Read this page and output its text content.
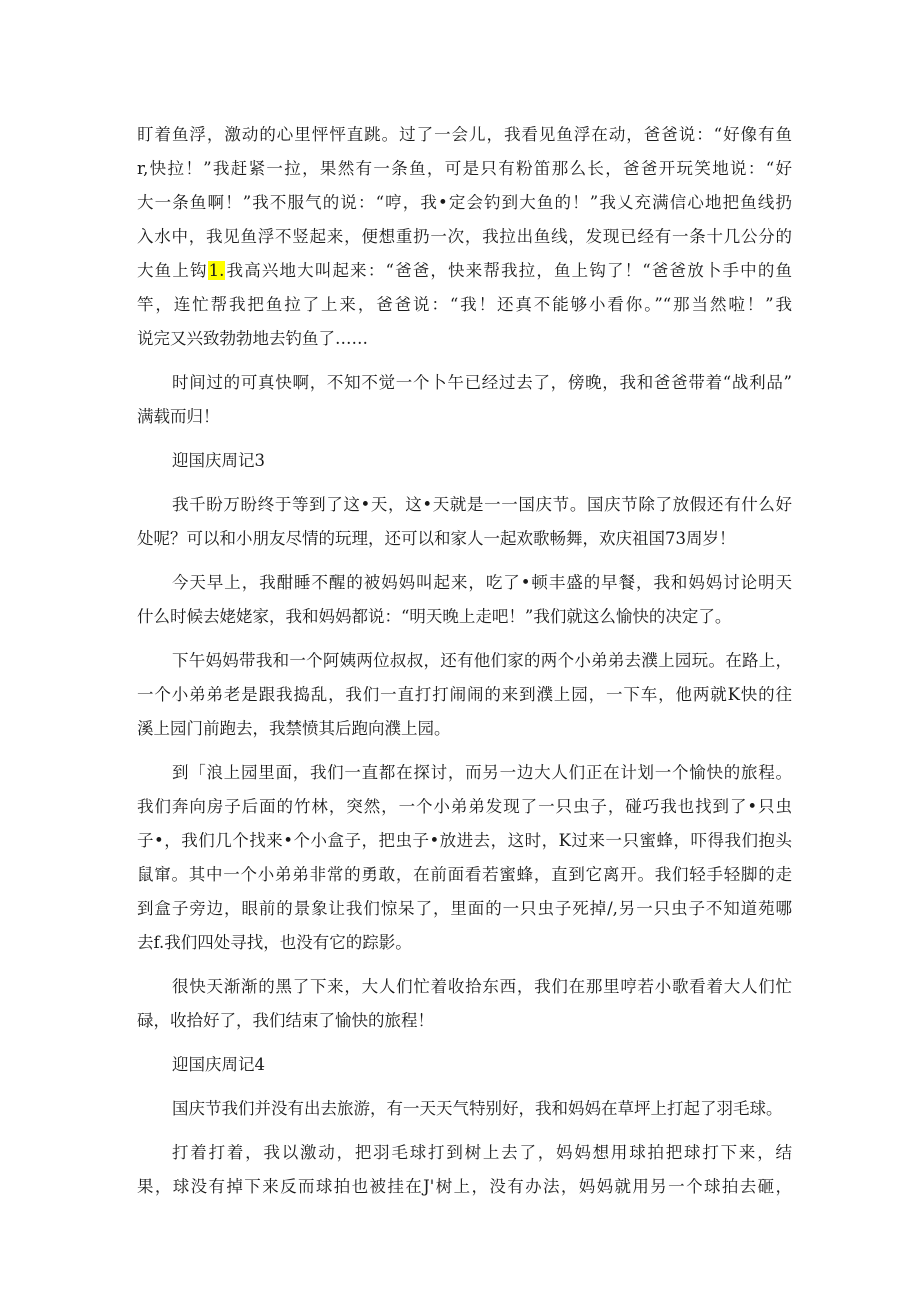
盯着鱼浮，激动的心里怦怦直跳。过了一会儿，我看见鱼浮在动，爸爸说：“好像有鱼
r,快拉！”我赶紧一拉，果然有一条鱼，可是只有粉笛那么长，爸爸开玩笑地说：“好
大一条鱼啊！”我不服气的说：“哼，我•定会钓到大鱼的！”我乂充满信心地把鱼线扔
入水中，我见鱼浮不竖起来，便想重扔一次，我拉出鱼线，发现已经有一条十几公分的
大鱼上钩1.我高兴地大叫起来：“爸爸，快来帮我拉，鱼上钩了！“爸爸放卜手中的鱼
竿，连忙帮我把鱼拉了上来，爸爸说：“我！还真不能够小看你。”“那当然啦！”我
说完又兴致勃勃地去钓鱼了……
时间过的可真快啊，不知不觉一个卜午已经过去了，傍晚，我和爸爸带着“战利品”
满载而归！
迎国庆周记3
我千盼万盼终于等到了这•天，这•天就是一一国庆节。国庆节除了放假还有什么好
处呢？可以和小朋友尽情的玩理，还可以和家人一起欢歌畅舞，欢庆祖国73周岁！
今天早上，我酣睡不醒的被妈妈叫起来，吃了•顿丰盛的早餐，我和妈妈讨论明天
什么时候去姥姥家，我和妈妈都说：“明天晚上走吧！”我们就这么愉快的决定了。
下午妈妈带我和一个阿姨两位叔叔，还有他们家的两个小弟弟去濮上园玩。在路上，
一个小弟弟老是跟我捣乱，我们一直打打闹闹的来到濮上园，一下车，他两就K快的往
溪上园门前跑去，我禁愤其后跑向濮上园。
到「浪上园里面，我们一直都在探讨，而另一边大人们正在计划一个愉快的旅程。
我们奔向房子后面的竹林，突然，一个小弟弟发现了一只虫子，碰巧我也找到了•只虫
子•，我们几个找来•个小盒子，把虫子•放进去，这时，K过来一只蜜蜂，吓得我们抱头
鼠窜。其中一个小弟弟非常的勇敢，在前面看若蜜蜂，直到它离开。我们轻手轻脚的走
到盒子旁边，眼前的景象让我们惊呆了，里面的一只虫子死掉/,另一只虫子不知道苑哪
去f.我们四处寻找，也没有它的踪影。
很快天渐渐的黑了下来，大人们忙着收拾东西，我们在那里哼若小歌看着大人们忙
碌，收拾好了，我们结束了愉快的旅程！
迎国庆周记4
国庆节我们并没有出去旅游，有一天天气特别好，我和妈妈在草坪上打起了羽毛球。
打着打着，我以激动，把羽毛球打到树上去了，妈妈想用球拍把球打下来，结
果，球没有掉下来反而球拍也被挂在J'树上，没有办法，妈妈就用另一个球拍去砸，
